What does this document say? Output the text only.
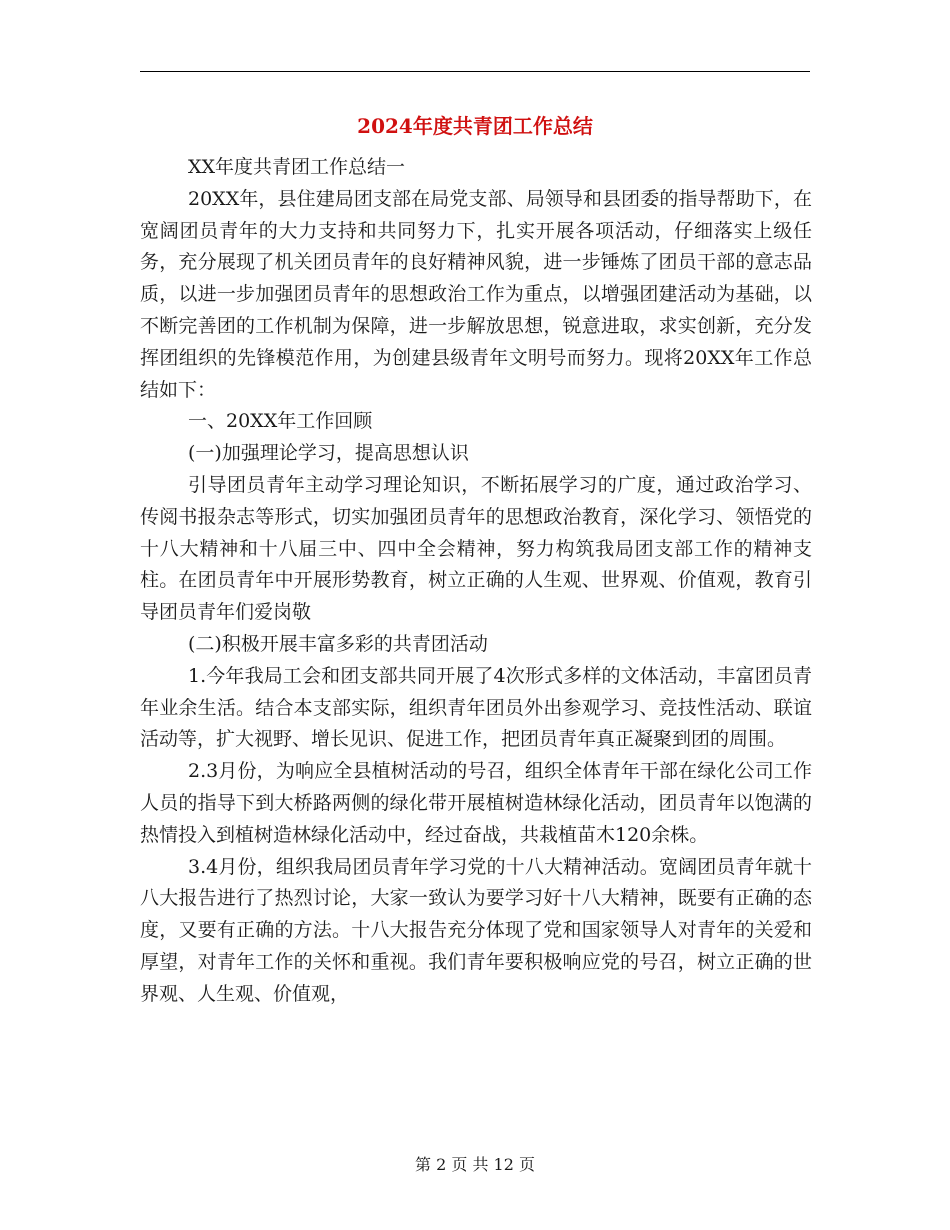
2024年度共青团工作总结

XX年度共青团工作总结一

20XX年，县住建局团支部在局党支部、局领导和县团委的指导帮助下，在宽阔团员青年的大力支持和共同努力下，扎实开展各项活动，仔细落实上级任务，充分展现了机关团员青年的良好精神风貌，进一步锤炼了团员干部的意志品质，以进一步加强团员青年的思想政治工作为重点，以增强团建活动为基础，以不断完善团的工作机制为保障，进一步解放思想，锐意进取，求实创新，充分发挥团组织的先锋模范作用，为创建县级青年文明号而努力。现将20XX年工作总结如下：

一、20XX年工作回顾

(一)加强理论学习，提高思想认识

引导团员青年主动学习理论知识，不断拓展学习的广度，通过政治学习、传阅书报杂志等形式，切实加强团员青年的思想政治教育，深化学习、领悟党的十八大精神和十八届三中、四中全会精神，努力构筑我局团支部工作的精神支柱。在团员青年中开展形势教育，树立正确的人生观、世界观、价值观，教育引导团员青年们爱岗敬

(二)积极开展丰富多彩的共青团活动

1.今年我局工会和团支部共同开展了4次形式多样的文体活动，丰富团员青年业余生活。结合本支部实际，组织青年团员外出参观学习、竞技性活动、联谊活动等，扩大视野、增长见识、促进工作，把团员青年真正凝聚到团的周围。

2.3月份，为响应全县植树活动的号召，组织全体青年干部在绿化公司工作人员的指导下到大桥路两侧的绿化带开展植树造林绿化活动，团员青年以饱满的热情投入到植树造林绿化活动中，经过奋战，共栽植苗木120余株。

3.4月份，组织我局团员青年学习党的十八大精神活动。宽阔团员青年就十八大报告进行了热烈讨论，大家一致认为要学习好十八大精神，既要有正确的态度，又要有正确的方法。十八大报告充分体现了党和国家领导人对青年的关爱和厚望，对青年工作的关怀和重视。我们青年要积极响应党的号召，树立正确的世界观、人生观、价值观，

第 2 页 共 12 页
